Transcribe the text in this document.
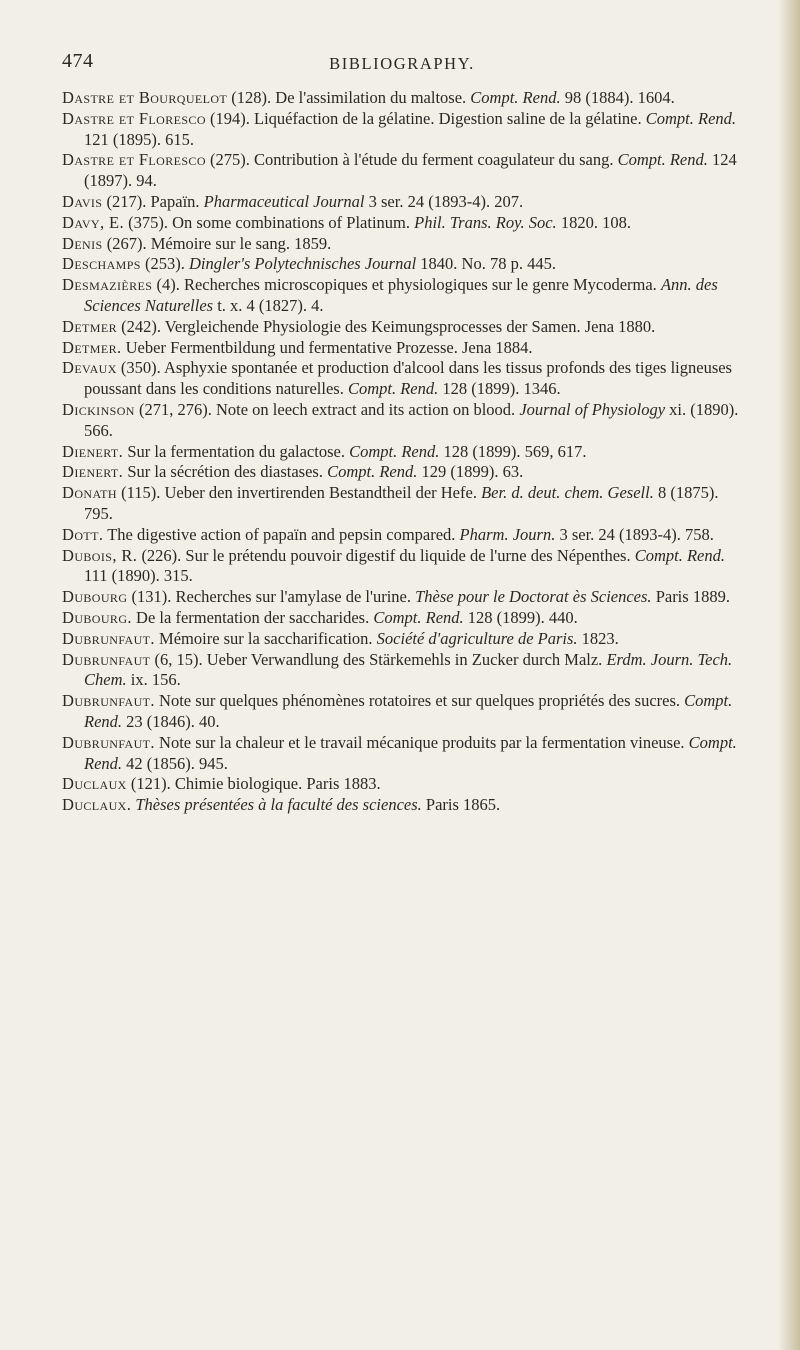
474	BIBLIOGRAPHY.

Dastre et Bourquelot (128). De l'assimilation du maltose. Compt. Rend. 98 (1884). 1604.

Dastre et Floresco (194). Liquéfaction de la gélatine. Digestion saline de la gélatine. Compt. Rend. 121 (1895). 615.

Dastre et Floresco (275). Contribution à l'étude du ferment coagulateur du sang. Compt. Rend. 124 (1897). 94.

Davis (217). Papaïn. Pharmaceutical Journal 3 ser. 24 (1893-4). 207.

Davy, E. (375). On some combinations of Platinum. Phil. Trans. Roy. Soc. 1820. 108.

Denis (267). Mémoire sur le sang. 1859.

Deschamps (253). Dingler's Polytechnisches Journal 1840. No. 78 p. 445.

Desmazières (4). Recherches microscopiques et physiologiques sur le genre Mycoderma. Ann. des Sciences Naturelles t. x. 4 (1827). 4.

Detmer (242). Vergleichende Physiologie des Keimungsprocesses der Samen. Jena 1880.

Detmer. Ueber Fermentbildung und fermentative Prozesse. Jena 1884.

Devaux (350). Asphyxie spontanée et production d'alcool dans les tissus profonds des tiges ligneuses poussant dans les conditions naturelles. Compt. Rend. 128 (1899). 1346.

Dickinson (271, 276). Note on leech extract and its action on blood. Journal of Physiology xi. (1890). 566.

Dienert. Sur la fermentation du galactose. Compt. Rend. 128 (1899). 569, 617.

Dienert. Sur la sécrétion des diastases. Compt. Rend. 129 (1899). 63.

Donath (115). Ueber den invertirenden Bestandtheil der Hefe. Ber. d. deut. chem. Gesell. 8 (1875). 795.

Dott. The digestive action of papaïn and pepsin compared. Pharm. Journ. 3 ser. 24 (1893-4). 758.

Dubois, R. (226). Sur le prétendu pouvoir digestif du liquide de l'urne des Népenthes. Compt. Rend. 111 (1890). 315.

Dubourg (131). Recherches sur l'amylase de l'urine. Thèse pour le Doctorat ès Sciences. Paris 1889.

Dubourg. De la fermentation der saccharides. Compt. Rend. 128 (1899). 440.

Dubrunfaut. Mémoire sur la saccharification. Société d'agriculture de Paris. 1823.

Dubrunfaut (6, 15). Ueber Verwandlung des Stärkemehls in Zucker durch Malz. Erdm. Journ. Tech. Chem. ix. 156.

Dubrunfaut. Note sur quelques phénomènes rotatoires et sur quelques propriétés des sucres. Compt. Rend. 23 (1846). 40.

Dubrunfaut. Note sur la chaleur et le travail mécanique produits par la fermentation vineuse. Compt. Rend. 42 (1856). 945.

Duclaux (121). Chimie biologique. Paris 1883.

Duclaux. Thèses présentées à la faculté des sciences. Paris 1865.
